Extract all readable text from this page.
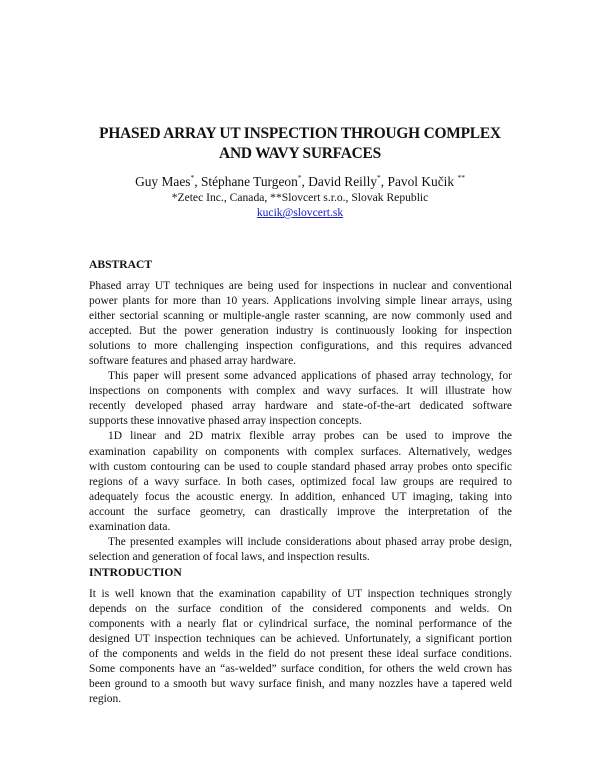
PHASED ARRAY UT INSPECTION THROUGH COMPLEX
AND WAVY SURFACES
Guy Maes*, Stéphane Turgeon*, David Reilly*, Pavol Kučik **
*Zetec Inc., Canada, **Slovcert s.r.o., Slovak Republic
kucik@slovcert.sk
ABSTRACT
Phased array UT techniques are being used for inspections in nuclear and conventional
power plants for more than 10 years. Applications involving simple linear arrays, using
either sectorial scanning or multiple-angle raster scanning, are now commonly used and
accepted. But the power generation industry is continuously looking for inspection
solutions to more challenging inspection configurations, and this requires advanced
software features and phased array hardware.
This paper will present some advanced applications of phased array technology, for
inspections on components with complex and wavy surfaces. It will illustrate how
recently developed phased array hardware and state-of-the-art dedicated software
supports these innovative phased array inspection concepts.
1D linear and 2D matrix flexible array probes can be used to improve the
examination capability on components with complex surfaces. Alternatively, wedges
with custom contouring can be used to couple standard phased array probes onto specific
regions of a wavy surface. In both cases, optimized focal law groups are required to
adequately focus the acoustic energy. In addition, enhanced UT imaging, taking into
account the surface geometry, can drastically improve the interpretation of the
examination data.
The presented examples will include considerations about phased array probe design,
selection and generation of focal laws, and inspection results.
INTRODUCTION
It is well known that the examination capability of UT inspection techniques strongly
depends on the surface condition of the considered components and welds. On
components with a nearly flat or cylindrical surface, the nominal performance of the
designed UT inspection techniques can be achieved. Unfortunately, a significant portion
of the components and welds in the field do not present these ideal surface conditions.
Some components have an “as-welded” surface condition, for others the weld crown has
been ground to a smooth but wavy surface finish, and many nozzles have a tapered weld
region.
